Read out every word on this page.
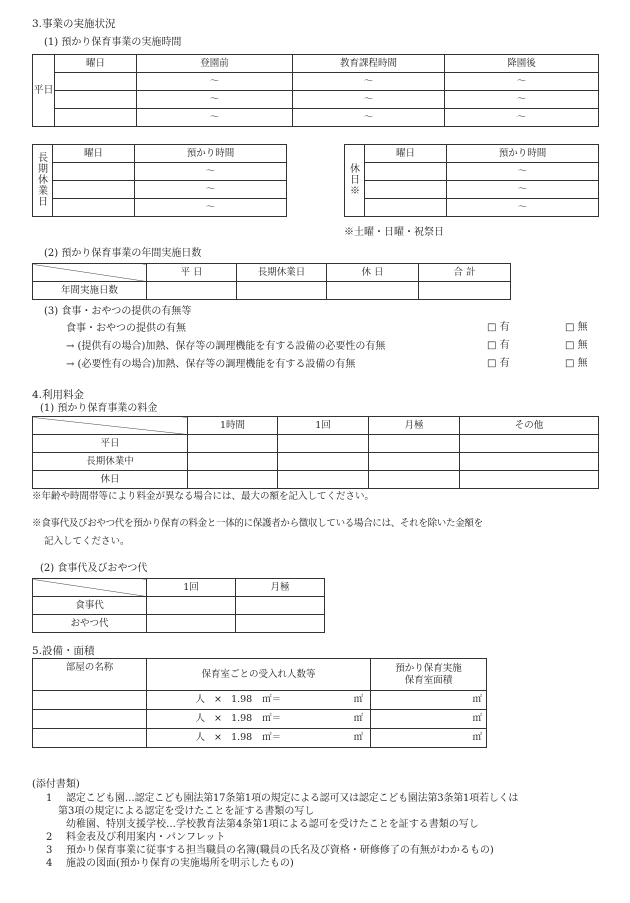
3.事業の実施状況
(1) 預かり保育事業の実施時間
平日	曜日	登園前	教育課程時間	降園後
		～	～	～
		～	～	～
		～	～	～
長期休業日	曜日	預かり時間
		～
		～
		～
休日※	曜日	預かり時間
		～
		～
		～
※土曜・日曜・祝祭日
(2) 預かり保育事業の年間実施日数
	平 日	長期休業日	休 日	合 計
年間実施日数				
(3) 食事・おやつの提供の有無等
食事・おやつの提供の有無	□ 有	□ 無
→ (提供有の場合)加熱、保存等の調理機能を有する設備の必要性の有無	□ 有	□ 無
→ (必要性有の場合)加熱、保存等の調理機能を有する設備の有無	□ 有	□ 無
4.利用料金
(1) 預かり保育事業の料金
	1時間	1回	月極	その他
平日				
長期休業中				
休日				
※年齢や時間帯等により料金が異なる場合には、最大の額を記入してください。
※食事代及びおやつ代を預かり保育の料金と一体的に保護者から徴収している場合には、それを除いた金額を
記入してください。
(2) 食事代及びおやつ代
	1回	月極
食事代		
おやつ代		
5.設備・面積
部屋の名称	保育室ごとの受入れ人数等	預かり保育実施
保育室面積

	人 × 1.98 ㎡＝ ㎡	㎡
	人 × 1.98 ㎡＝ ㎡	㎡
	人 × 1.98 ㎡＝ ㎡	㎡
(添付書類)
1 認定こども園…認定こども園法第17条第1項の規定による認可又は認定こども園法第3条第1項若しくは
第3項の規定による認定を受けたことを証する書類の写し
幼稚園、特別支援学校…学校教育法第4条第1項による認可を受けたことを証する書類の写し
2 料金表及び利用案内・パンフレット
3 預かり保育事業に従事する担当職員の名簿(職員の氏名及び資格・研修修了の有無がわかるもの)
4 施設の図面(預かり保育の実施場所を明示したもの)
